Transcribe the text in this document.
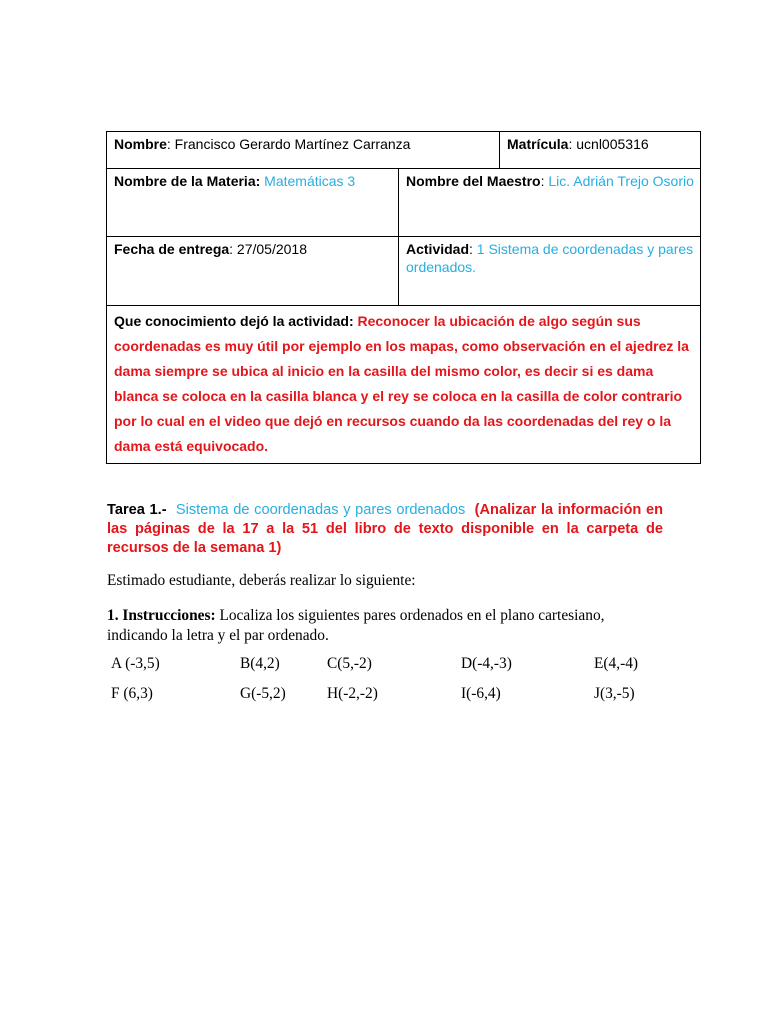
Nombre: Francisco Gerardo Martínez Carranza		Matrícula: ucnl005316
Nombre de la Materia: Matemáticas 3	Nombre del Maestro: Lic. Adrián Trejo Osorio	
Fecha de entrega: 27/05/2018	Actividad: 1 Sistema de coordenadas y pares ordenados.	
Que conocimiento dejó la actividad: Reconocer la ubicación de algo según sus coordenadas es muy útil por ejemplo en los mapas, como observación en el ajedrez la dama siempre se ubica al inicio en la casilla del mismo color, es decir si es dama blanca se coloca en la casilla blanca y el rey se coloca en la casilla de color contrario por lo cual en el video que dejó en recursos cuando da las coordenadas del rey o la dama está equivocado.		
Tarea 1.- Sistema de coordenadas y pares ordenados (Analizar la información en las páginas de la 17 a la 51 del libro de texto disponible en la carpeta de recursos de la semana 1)
Estimado estudiante, deberás realizar lo siguiente:
1. Instrucciones: Localiza los siguientes pares ordenados en el plano cartesiano, indicando la letra y el par ordenado.
A (-3,5)	B(4,2)	C(5,-2)	D(-4,-3)	E(4,-4)
F (6,3)	G(-5,2)	H(-2,-2)	I(-6,4)	J(3,-5)
